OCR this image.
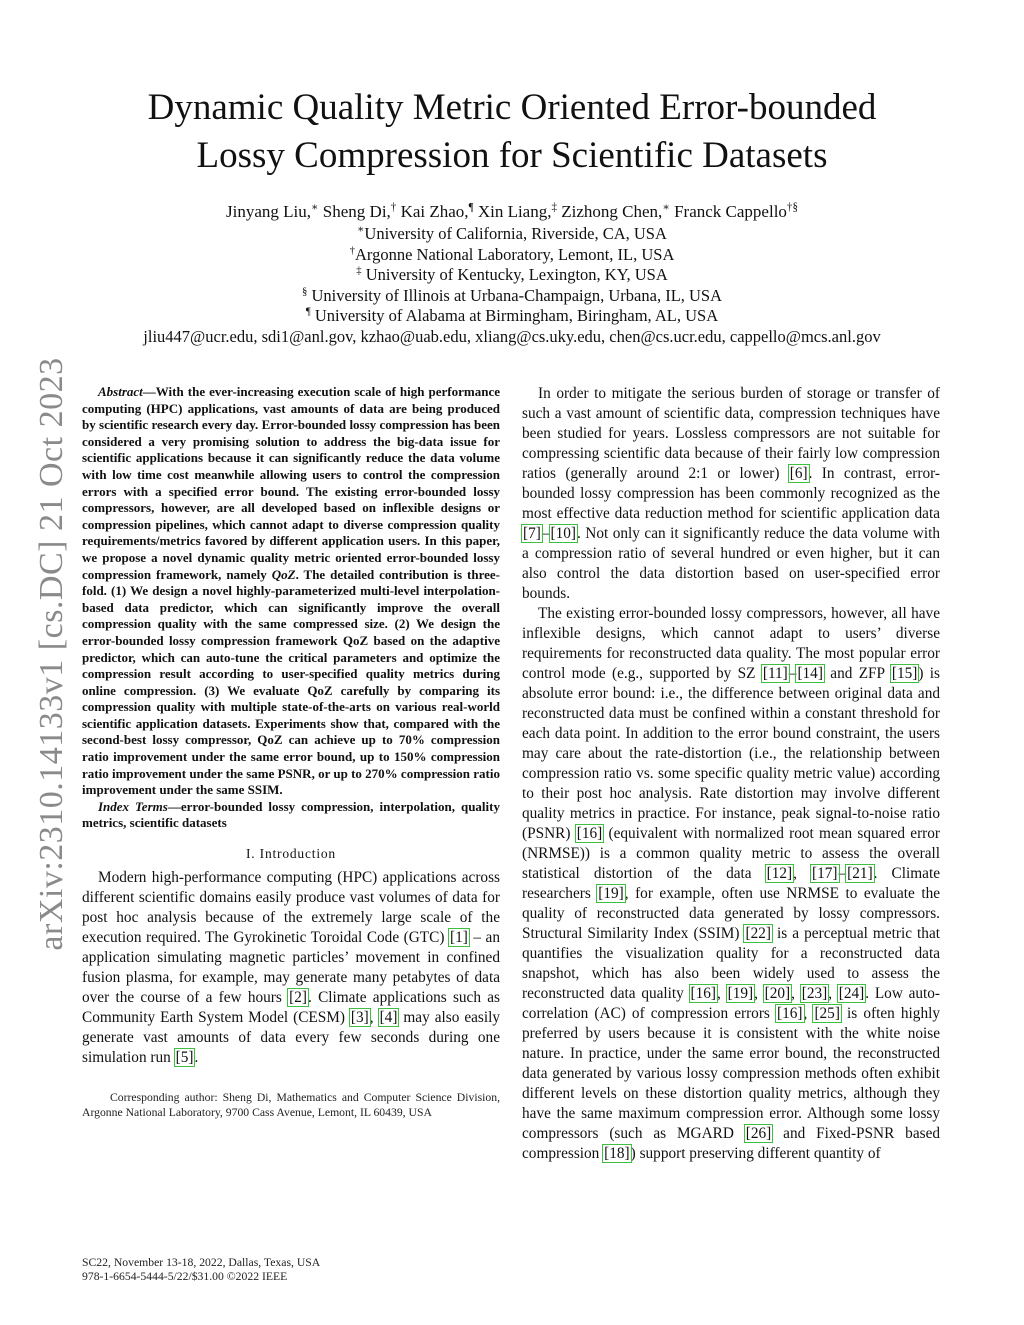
arXiv:2310.14133v1 [cs.DC] 21 Oct 2023
Dynamic Quality Metric Oriented Error-bounded
Lossy Compression for Scientific Datasets
Jinyang Liu,∗ Sheng Di,† Kai Zhao,¶ Xin Liang,‡ Zizhong Chen,∗ Franck Cappello†§
∗University of California, Riverside, CA, USA
†Argonne National Laboratory, Lemont, IL, USA
‡ University of Kentucky, Lexington, KY, USA
§ University of Illinois at Urbana-Champaign, Urbana, IL, USA
¶ University of Alabama at Birmingham, Biringham, AL, USA
jliu447@ucr.edu, sdi1@anl.gov, kzhao@uab.edu, xliang@cs.uky.edu, chen@cs.ucr.edu, cappello@mcs.anl.gov

Abstract—With the ever-increasing execution scale of high performance computing (HPC) applications, vast amounts of data are being produced by scientific research every day. Error-bounded lossy compression has been considered a very promising solution to address the big-data issue for scientific applications because it can significantly reduce the data volume with low time cost meanwhile allowing users to control the compression errors with a specified error bound. The existing error-bounded lossy compressors, however, are all developed based on inflexible designs or compression pipelines, which cannot adapt to diverse compression quality requirements/metrics favored by different application users. In this paper, we propose a novel dynamic quality metric oriented error-bounded lossy compression framework, namely QoZ. The detailed contribution is three-fold. (1) We design a novel highly-parameterized multi-level interpolation-based data predictor, which can significantly improve the overall compression quality with the same compressed size. (2) We design the error-bounded lossy compression framework QoZ based on the adaptive predictor, which can auto-tune the critical parameters and optimize the compression result according to user-specified quality metrics during online compression. (3) We evaluate QoZ carefully by comparing its compression quality with multiple state-of-the-arts on various real-world scientific application datasets. Experiments show that, compared with the second-best lossy compressor, QoZ can achieve up to 70% compression ratio improvement under the same error bound, up to 150% compression ratio improvement under the same PSNR, or up to 270% compression ratio improvement under the same SSIM.

Index Terms—error-bounded lossy compression, interpolation, quality metrics, scientific datasets

I. Introduction

Modern high-performance computing (HPC) applications across different scientific domains easily produce vast volumes of data for post hoc analysis because of the extremely large scale of the execution required. The Gyrokinetic Toroidal Code (GTC) [1] – an application simulating magnetic particles’ movement in confined fusion plasma, for example, may generate many petabytes of data over the course of a few hours [2]. Climate applications such as Community Earth System Model (CESM) [3], [4] may also easily generate vast amounts of data every few seconds during one simulation run [5].

Corresponding author: Sheng Di, Mathematics and Computer Science Division, Argonne National Laboratory, 9700 Cass Avenue, Lemont, IL 60439, USA

In order to mitigate the serious burden of storage or transfer of such a vast amount of scientific data, compression techniques have been studied for years. Lossless compressors are not suitable for compressing scientific data because of their fairly low compression ratios (generally around 2:1 or lower) [6]. In contrast, error-bounded lossy compression has been commonly recognized as the most effective data reduction method for scientific application data [7]–[10]. Not only can it significantly reduce the data volume with a compression ratio of several hundred or even higher, but it can also control the data distortion based on user-specified error bounds.

The existing error-bounded lossy compressors, however, all have inflexible designs, which cannot adapt to users’ diverse requirements for reconstructed data quality. The most popular error control mode (e.g., supported by SZ [11]–[14] and ZFP [15]) is absolute error bound: i.e., the difference between original data and reconstructed data must be confined within a constant threshold for each data point. In addition to the error bound constraint, the users may care about the rate-distortion (i.e., the relationship between compression ratio vs. some specific quality metric value) according to their post hoc analysis. Rate distortion may involve different quality metrics in practice. For instance, peak signal-to-noise ratio (PSNR) [16] (equivalent with normalized root mean squared error (NRMSE)) is a common quality metric to assess the overall statistical distortion of the data [12], [17]–[21]. Climate researchers [19], for example, often use NRMSE to evaluate the quality of reconstructed data generated by lossy compressors. Structural Similarity Index (SSIM) [22] is a perceptual metric that quantifies the visualization quality for a reconstructed data snapshot, which has also been widely used to assess the reconstructed data quality [16], [19], [20], [23], [24]. Low auto-correlation (AC) of compression errors [16], [25] is often highly preferred by users because it is consistent with the white noise nature. In practice, under the same error bound, the reconstructed data generated by various lossy compression methods often exhibit different levels on these distortion quality metrics, although they have the same maximum compression error. Although some lossy compressors (such as MGARD [26] and Fixed-PSNR based compression [18]) support preserving different quantity of

SC22, November 13-18, 2022, Dallas, Texas, USA
978-1-6654-5444-5/22/$31.00 ©2022 IEEE
